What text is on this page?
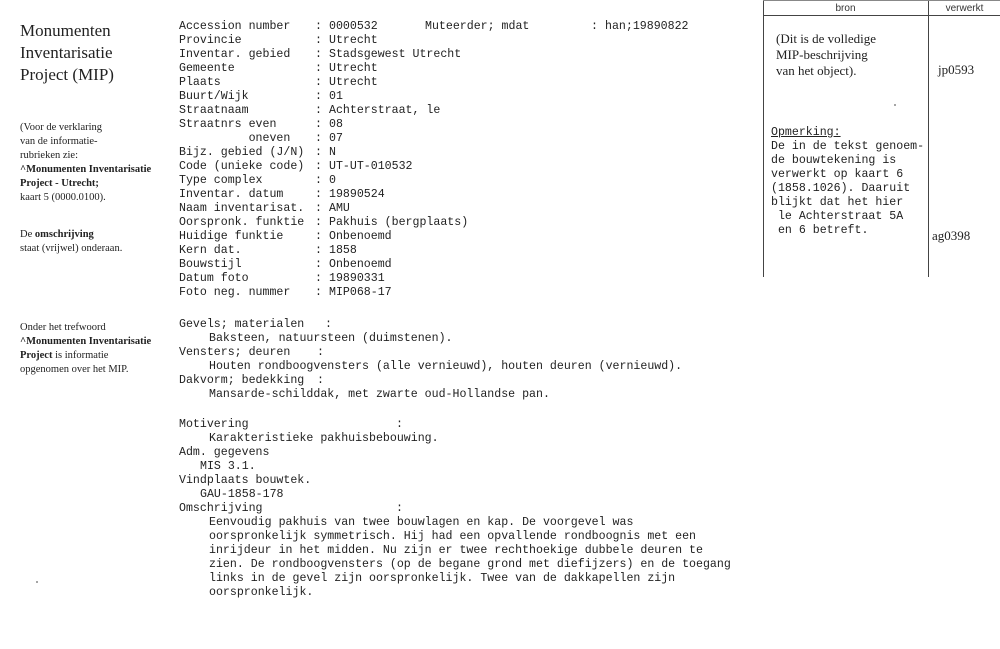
Monumenten
Inventarisatie
Project (MIP)
(Voor de verklaring
van de informatie-
rubrieken zie:
^Monumenten Inventarisatie
Project - Utrecht;
kaart 5 (0000.0100).
De omschrijving
staat (vrijwel) onderaan.
Onder het trefwoord
^Monumenten Inventarisatie
Project is informatie
opgenomen over het MIP.
Accession number : 0000532
Provincie	: Utrecht
Inventar. gebied : Stadsgewest Utrecht
Gemeente	: Utrecht
Plaats	: Utrecht
Buurt/Wijk	: 01
Straatnaam	: Achterstraat, le
Straatnrs even	: 08
oneven : 07
Bijz. gebied (J/N) : N
Code (unieke code) : UT-UT-010532
Type complex	: 0
Inventar. datum	: 19890524
Naam inventarisat. : AMU
Oorspronk. funktie : Pakhuis (bergplaats)
Huidige funktie	: Onbenoemd
Kern dat.	: 1858
Bouwstijl	: Onbenoemd
Datum foto	: 19890331
Foto neg. nummer : MIP068-17
Muteerder; mdat	: han;19890822
Gevels; materialen :
Baksteen, natuursteen (duimstenen).
Vensters; deuren :
Houten rondboogvensters (alle vernieuwd), houten deuren (vernieuwd).
Dakvorm; bedekking :
Mansarde-schilddak, met zwarte oud-Hollandse pan.
Motivering	:
Karakteristieke pakhuisbebouwing.
Adm. gegevens
MIS 3.1.
Vindplaats bouwtek.
GAU-1858-178
Omschrijving	:
Eenvoudig pakhuis van twee bouwlagen en kap. De voorgevel was
oorspronkelijk symmetrisch. Hij had een opvallende rondboognis met een
inrijdeur in het midden. Nu zijn er twee rechthoekige dubbele deuren te
zien. De rondboogvensters (op de begane grond met diefijzers) en de toegang
links in de gevel zijn oorspronkelijk. Twee van de dakkapellen zijn
oorspronkelijk.
bron	verwerkt
(Dit is de volledige
MIP-beschrijving
van het object).	jp0593
Opmerking:
De in de tekst genoem-
de bouwtekening is
verwerkt op kaart 6
(1858.1026). Daaruit
blijkt dat het hier
le Achterstraat 5A
en 6 betreft.	ag0398
